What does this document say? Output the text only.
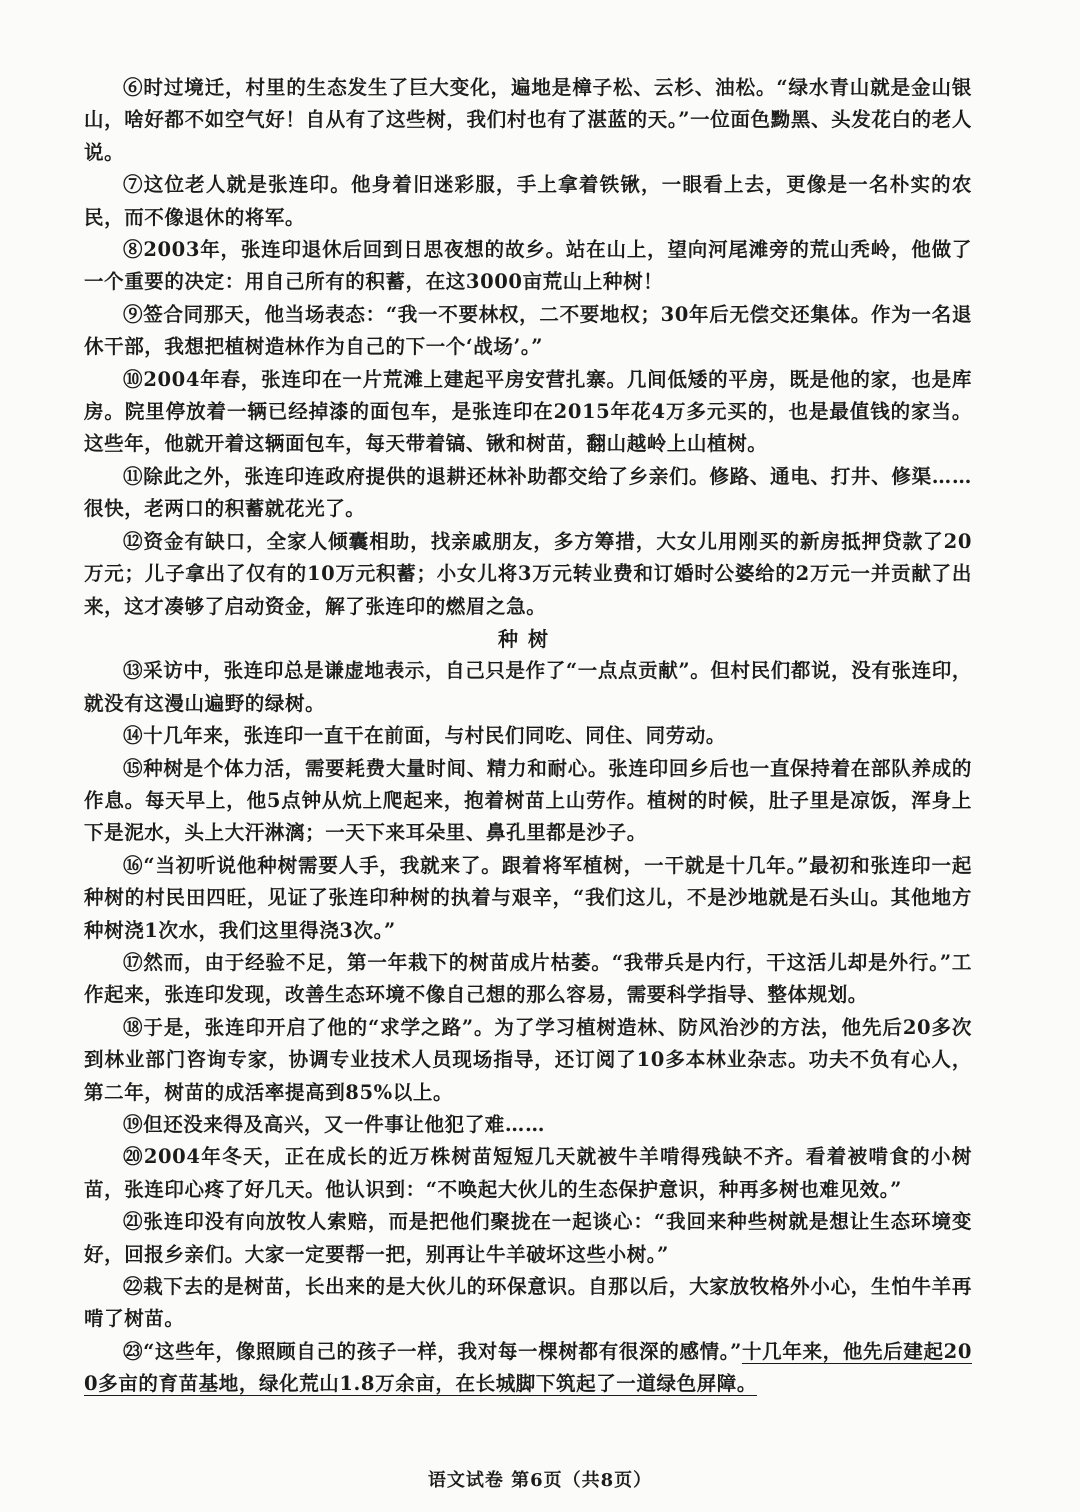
⑥时过境迁，村里的生态发生了巨大变化，遍地是樟子松、云杉、油松。“绿水青山就是金山银山，啥好都不如空气好！自从有了这些树，我们村也有了湛蓝的天。”一位面色黝黑、头发花白的老人说。

⑦这位老人就是张连印。他身着旧迷彩服，手上拿着铁锹，一眼看上去，更像是一名朴实的农民，而不像退休的将军。

⑧2003年，张连印退休后回到日思夜想的故乡。站在山上，望向河尾滩旁的荒山秃岭，他做了一个重要的决定：用自己所有的积蓄，在这3000亩荒山上种树！

⑨签合同那天，他当场表态：“我一不要林权，二不要地权；30年后无偿交还集体。作为一名退休干部，我想把植树造林作为自己的下一个‘战场’。”

⑩2004年春，张连印在一片荒滩上建起平房安营扎寨。几间低矮的平房，既是他的家，也是库房。院里停放着一辆已经掉漆的面包车，是张连印在2015年花4万多元买的，也是最值钱的家当。这些年，他就开着这辆面包车，每天带着镐、锹和树苗，翻山越岭上山植树。

⑪除此之外，张连印连政府提供的退耕还林补助都交给了乡亲们。修路、通电、打井、修渠……很快，老两口的积蓄就花光了。

⑫资金有缺口，全家人倾囊相助，找亲戚朋友，多方筹措，大女儿用刚买的新房抵押贷款了20万元；儿子拿出了仅有的10万元积蓄；小女儿将3万元转业费和订婚时公婆给的2万元一并贡献了出来，这才凑够了启动资金，解了张连印的燃眉之急。

种树

⑬采访中，张连印总是谦虚地表示，自己只是作了“一点点贡献”。但村民们都说，没有张连印，就没有这漫山遍野的绿树。

⑭十几年来，张连印一直干在前面，与村民们同吃、同住、同劳动。

⑮种树是个体力活，需要耗费大量时间、精力和耐心。张连印回乡后也一直保持着在部队养成的作息。每天早上，他5点钟从炕上爬起来，抱着树苗上山劳作。植树的时候，肚子里是凉饭，浑身上下是泥水，头上大汗淋漓；一天下来耳朵里、鼻孔里都是沙子。

⑯“当初听说他种树需要人手，我就来了。跟着将军植树，一干就是十几年。”最初和张连印一起种树的村民田四旺，见证了张连印种树的执着与艰辛，“我们这儿，不是沙地就是石头山。其他地方种树浇1次水，我们这里得浇3次。”

⑰然而，由于经验不足，第一年栽下的树苗成片枯萎。“我带兵是内行，干这活儿却是外行。”工作起来，张连印发现，改善生态环境不像自己想的那么容易，需要科学指导、整体规划。

⑱于是，张连印开启了他的“求学之路”。为了学习植树造林、防风治沙的方法，他先后20多次到林业部门咨询专家，协调专业技术人员现场指导，还订阅了10多本林业杂志。功夫不负有心人，第二年，树苗的成活率提高到85%以上。

⑲但还没来得及高兴，又一件事让他犯了难……

⑳2004年冬天，正在成长的近万株树苗短短几天就被牛羊啃得残缺不齐。看着被啃食的小树苗，张连印心疼了好几天。他认识到：“不唤起大伙儿的生态保护意识，种再多树也难见效。”

㉑张连印没有向放牧人索赔，而是把他们聚拢在一起谈心：“我回来种些树就是想让生态环境变好，回报乡亲们。大家一定要帮一把，别再让牛羊破坏这些小树。”

㉒栽下去的是树苗，长出来的是大伙儿的环保意识。自那以后，大家放牧格外小心，生怕牛羊再啃了树苗。

㉓“这些年，像照顾自己的孩子一样，我对每一棵树都有很深的感情。”十几年来，他先后建起200多亩的育苗基地，绿化荒山1.8万余亩，在长城脚下筑起了一道绿色屏障。

语文试卷 第6页（共8页）
